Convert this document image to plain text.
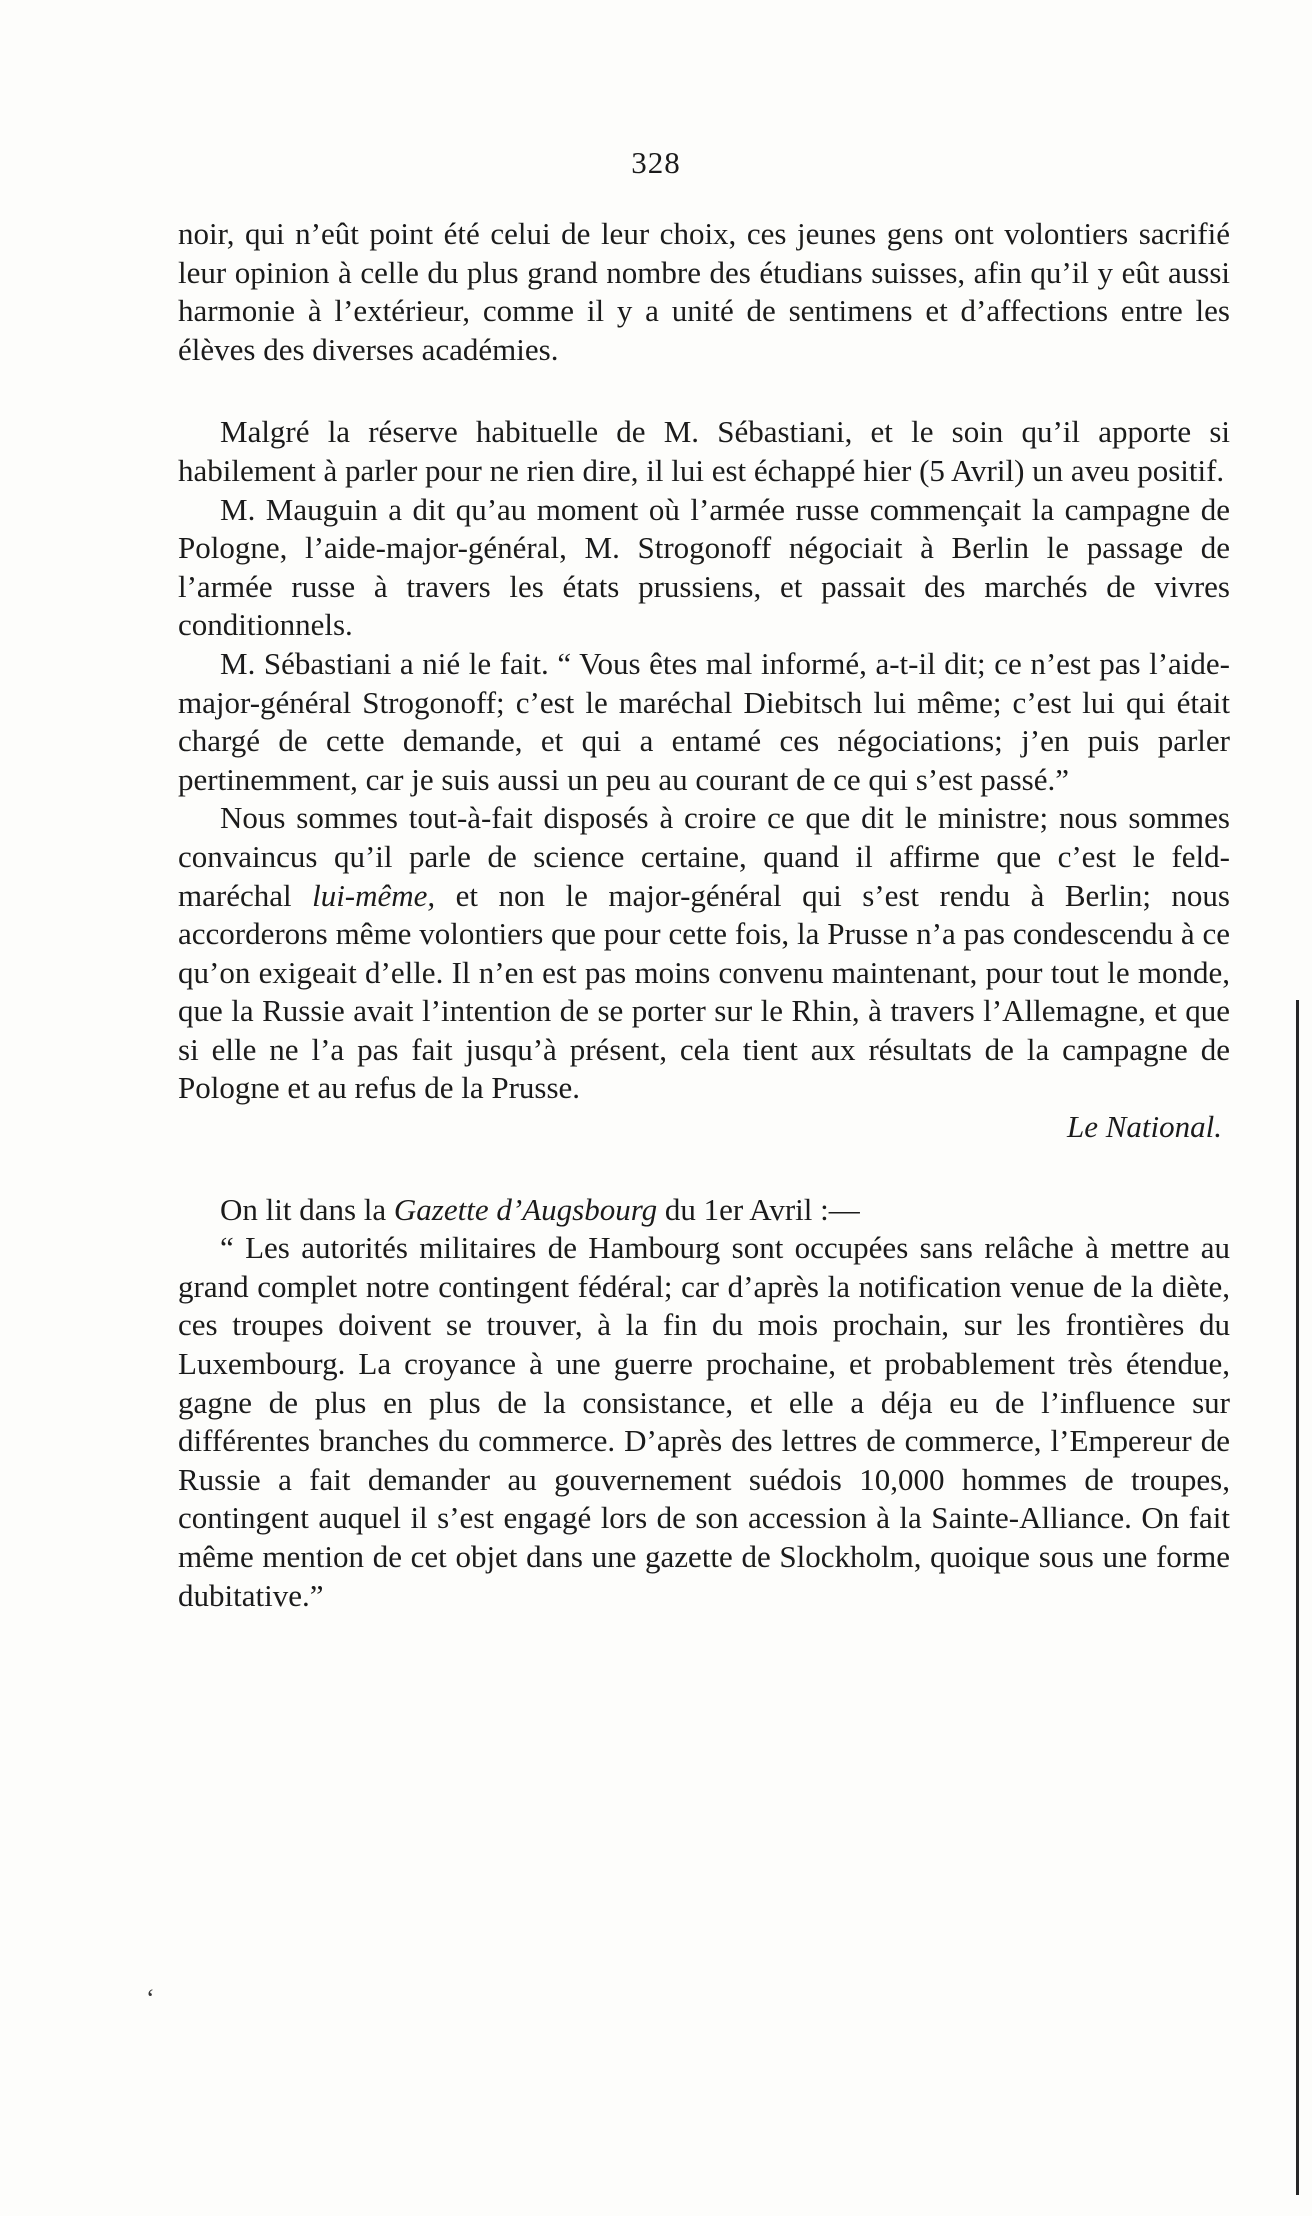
328

noir, qui n’eût point été celui de leur choix, ces jeunes gens ont volontiers sacrifié leur opinion à celle du plus grand nombre des étudians suisses, afin qu’il y eût aussi harmonie à l’extérieur, comme il y a unité de sentimens et d’affections entre les élèves des diverses académies.

Malgré la réserve habituelle de M. Sébastiani, et le soin qu’il apporte si habilement à parler pour ne rien dire, il lui est échappé hier (5 Avril) un aveu positif.

M. Mauguin a dit qu’au moment où l’armée russe commençait la campagne de Pologne, l’aide-major-général, M. Strogonoff négociait à Berlin le passage de l’armée russe à travers les états prussiens, et passait des marchés de vivres conditionnels.

M. Sébastiani a nié le fait. “ Vous êtes mal informé, a-t-il dit; ce n’est pas l’aide-major-général Strogonoff; c’est le maréchal Diebitsch lui même; c’est lui qui était chargé de cette demande, et qui a entamé ces négociations; j’en puis parler pertinemment, car je suis aussi un peu au courant de ce qui s’est passé.”

Nous sommes tout-à-fait disposés à croire ce que dit le ministre; nous sommes convaincus qu’il parle de science certaine, quand il affirme que c’est le feld-maréchal lui-même, et non le major-général qui s’est rendu à Berlin; nous accorderons même volontiers que pour cette fois, la Prusse n’a pas condescendu à ce qu’on exigeait d’elle. Il n’en est pas moins convenu maintenant, pour tout le monde, que la Russie avait l’intention de se porter sur le Rhin, à travers l’Allemagne, et que si elle ne l’a pas fait jusqu’à présent, cela tient aux résultats de la campagne de Pologne et au refus de la Prusse.

Le National.

On lit dans la Gazette d’Augsbourg du 1er Avril :—

“ Les autorités militaires de Hambourg sont occupées sans relâche à mettre au grand complet notre contingent fédéral; car d’après la notification venue de la diète, ces troupes doivent se trouver, à la fin du mois prochain, sur les frontières du Luxembourg. La croyance à une guerre prochaine, et probablement très étendue, gagne de plus en plus de la consistance, et elle a déja eu de l’influence sur différentes branches du commerce. D’après des lettres de commerce, l’Empereur de Russie a fait demander au gouvernement suédois 10,000 hommes de troupes, contingent auquel il s’est engagé lors de son accession à la Sainte-Alliance. On fait même mention de cet objet dans une gazette de Slockholm, quoique sous une forme dubitative.”

‘
